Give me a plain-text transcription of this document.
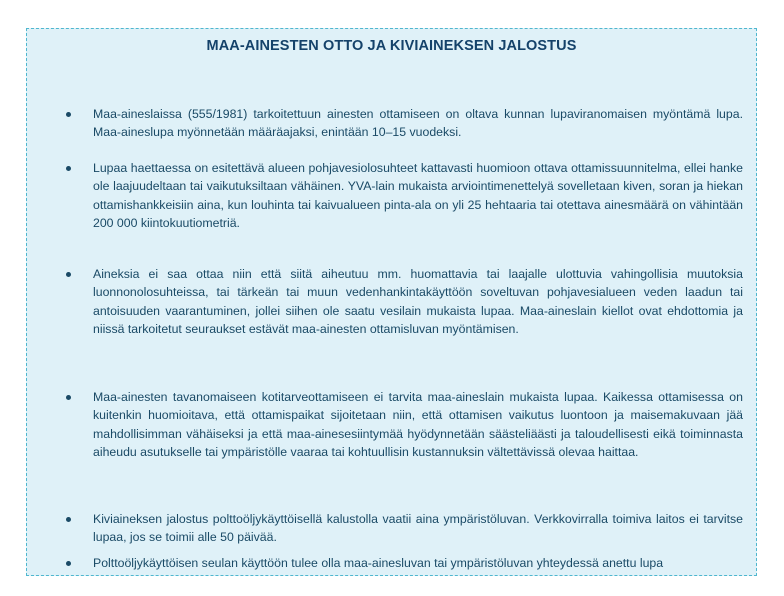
MAA-AINESTEN OTTO JA KIVIAINEKSEN JALOSTUS
Maa-aineslaissa (555/1981) tarkoitettuun ainesten ottamiseen on oltava kunnan lupaviranomaisen myöntämä lupa. Maa-aineslupa myönnetään määräajaksi, enintään 10–15 vuodeksi.
Lupaa haettaessa on esitettävä alueen pohjavesiolosuhteet kattavasti huomioon ottava ottamissuunnitelma, ellei hanke ole laajuudeltaan tai vaikutuksiltaan vähäinen. YVA-lain mukaista arviointimenettelyä sovelletaan kiven, soran ja hiekan ottamishankkeisiin aina, kun louhinta tai kaivualueen pinta-ala on yli 25 hehtaaria tai otettava ainesmäärä on vähintään 200 000 kiintokuutiometriä.
Aineksia ei saa ottaa niin että siitä aiheutuu mm. huomattavia tai laajalle ulottuvia vahingollisia muutoksia luonnonolosuhteissa, tai tärkeän tai muun vedenhankintakäyttöön soveltuvan pohjavesialueen veden laadun tai antoisuuden vaarantuminen, jollei siihen ole saatu vesilain mukaista lupaa. Maa-aineslain kiellot ovat ehdottomia ja niissä tarkoitetut seuraukset estävät maa-ainesten ottamisluvan myöntämisen.
Maa-ainesten tavanomaiseen kotitarveottamiseen ei tarvita maa-aineslain mukaista lupaa. Kaikessa ottamisessa on kuitenkin huomioitava, että ottamispaikat sijoitetaan niin, että ottamisen vaikutus luontoon ja maisemakuvaan jää mahdollisimman vähäiseksi ja että maa-ainesesiintymää hyödynnetään säästeliäästi ja taloudellisesti eikä toiminnasta aiheudu asutukselle tai ympäristölle vaaraa tai kohtuullisin kustannuksin vältettävissä olevaa haittaa.
Kiviaineksen jalostus polttoöljykäyttöisellä kalustolla vaatii aina ympäristöluvan. Verkkovirralla toimiva laitos ei tarvitse lupaa, jos se toimii alle 50 päivää.
Polttoöljykäyttöisen seulan käyttöön tulee olla maa-ainesluvan tai ympäristöluvan yhteydessä anettu lupa
